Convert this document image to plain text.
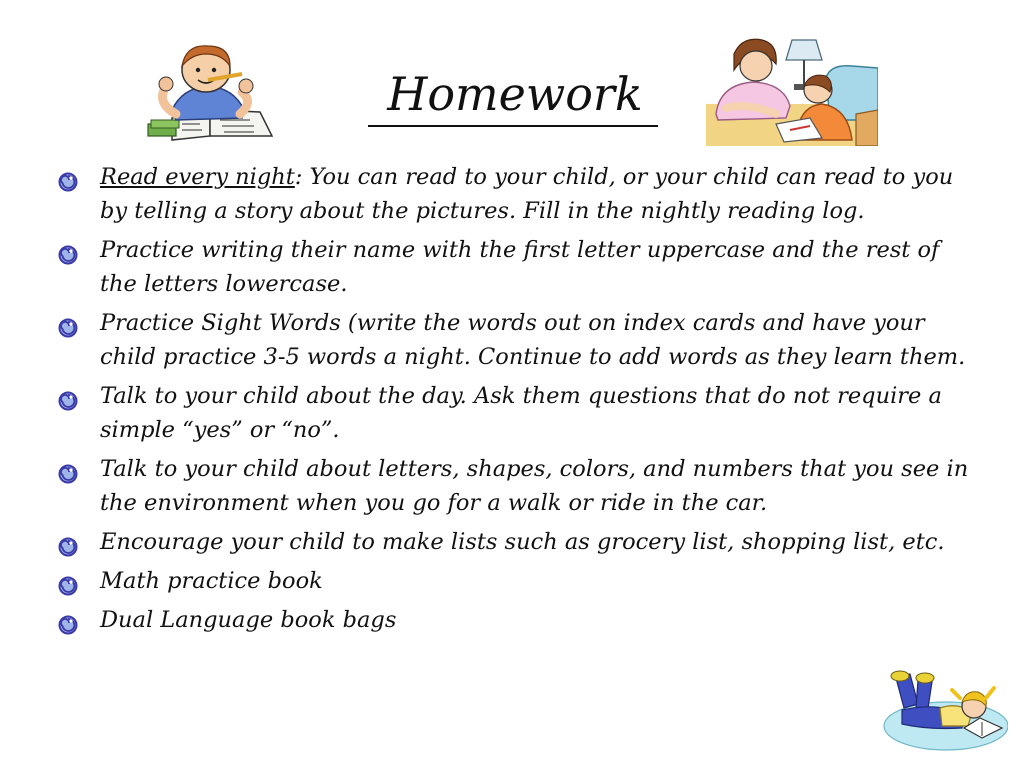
Homework
Read every night: You can read to your child, or your child can read to you by telling a story about the pictures. Fill in the nightly reading log.
Practice writing their name with the first letter uppercase and the rest of the letters lowercase.
Practice Sight Words (write the words out on index cards and have your child practice 3-5 words a night. Continue to add words as they learn them.
Talk to your child about the day. Ask them questions that do not require a simple “yes” or “no”.
Talk to your child about letters, shapes, colors, and numbers that you see in the environment when you go for a walk or ride in the car.
Encourage your child to make lists such as grocery list, shopping list, etc.
Math practice book
Dual Language book bags
